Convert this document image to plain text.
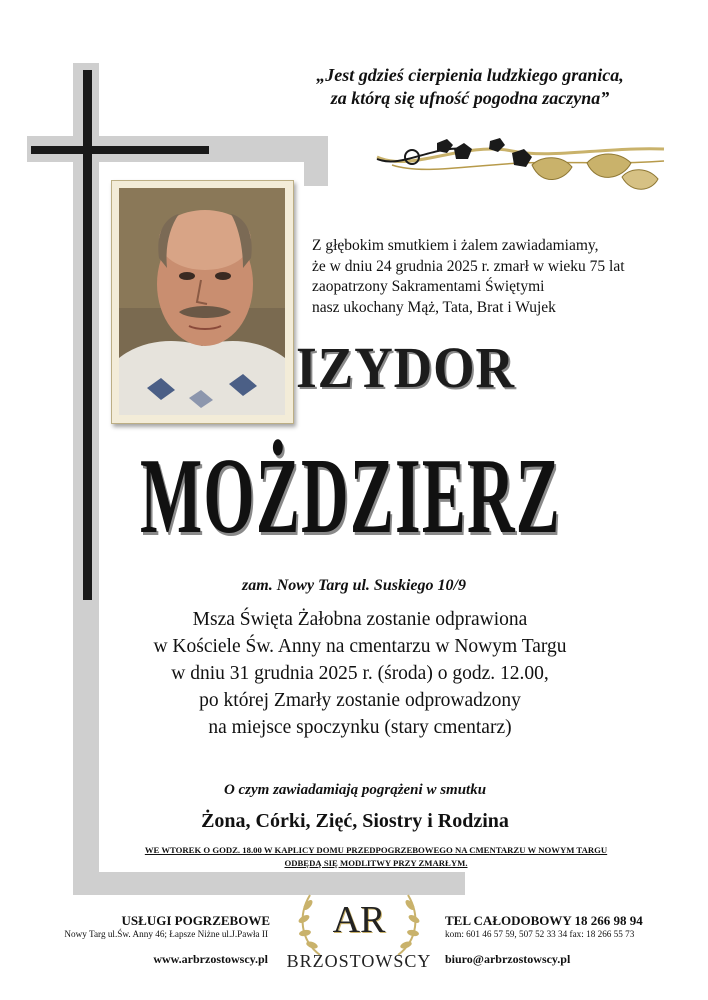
„Jest gdzieś cierpienia ludzkiego granica,
za którą się ufność pogodna zaczyna”
Z głębokim smutkiem i żalem zawiadamiamy,
że w dniu 24 grudnia 2025 r. zmarł w wieku 75 lat
zaopatrzony Sakramentami Świętymi
nasz ukochany Mąż, Tata, Brat i Wujek
IZYDOR
MOŻDZIERZ
zam. Nowy Targ ul. Suskiego 10/9
Msza Święta Żałobna zostanie odprawiona
w Kościele Św. Anny na cmentarzu w Nowym Targu
w dniu 31 grudnia 2025 r. (środa) o godz. 12.00,
po której Zmarły zostanie odprowadzony
na miejsce spoczynku (stary cmentarz)
O czym zawiadamiają pogrążeni w smutku
Żona, Córki, Zięć, Siostry i Rodzina
WE WTOREK O GODZ. 18.00 W KAPLICY DOMU PRZEDPOGRZEBOWEGO NA CMENTARZU W NOWYM TARGU
ODBĘDĄ SIĘ MODLITWY PRZY ZMARŁYM.
USŁUGI POGRZEBOWE
Nowy Targ ul.Św. Anny 46; Łapsze Niżne ul.J.Pawła II
www.arbrzostowscy.pl
AR
BRZOSTOWSCY
TEL CAŁODOBOWY 18 266 98 94
kom: 601 46 57 59, 507 52 33 34 fax: 18 266 55 73
biuro@arbrzostowscy.pl
